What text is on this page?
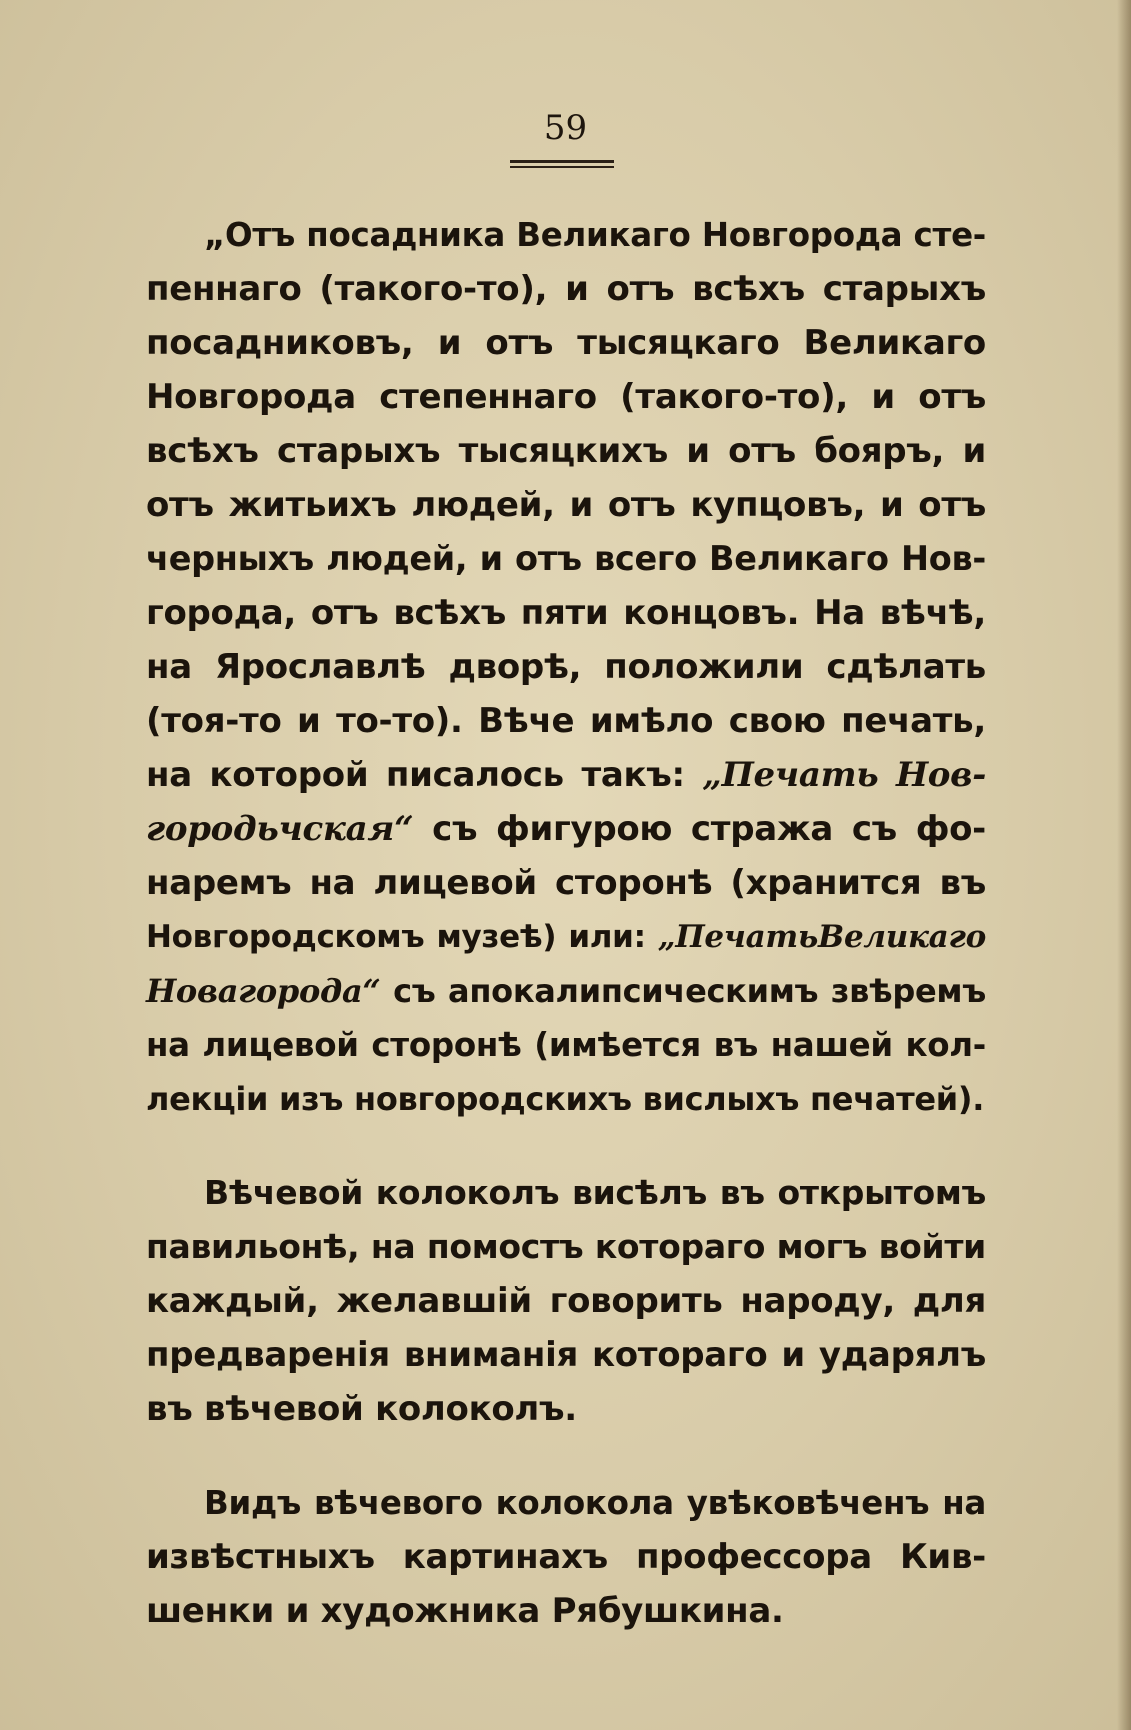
59
„Отъ посадника Великаго Новгорода сте-
пеннаго (такого-то), и отъ всѣхъ старыхъ
посадниковъ, и отъ тысяцкаго Великаго
Новгорода степеннаго (такого-то), и отъ
всѣхъ старыхъ тысяцкихъ и отъ бояръ, и
отъ житьихъ людей, и отъ купцовъ, и отъ
черныхъ людей, и отъ всего Великаго Нов-
города, отъ всѣхъ пяти концовъ. На вѣчѣ,
на Ярославлѣ дворѣ, положили сдѣлать
(тоя-то и то-то). Вѣче имѣло свою печать,
на которой писалось такъ: „Печать Нов-
городьчская“ съ фигурою стража съ фо-
наремъ на лицевой сторонѣ (хранится въ
Новгородскомъ музеѣ) или: „ПечатьВеликаго
Новагорода“ съ апокалипсическимъ звѣремъ
на лицевой сторонѣ (имѣется въ нашей кол-
лекціи изъ новгородскихъ вислыхъ печатей).
Вѣчевой колоколъ висѣлъ въ открытомъ
павильонѣ, на помостъ котораго могъ войти
каждый, желавшій говорить народу, для
предваренія вниманія котораго и ударялъ
въ вѣчевой колоколъ.
Видъ вѣчевого колокола увѣковѣченъ на
извѣстныхъ картинахъ профессора Кив-
шенки и художника Рябушкина.
